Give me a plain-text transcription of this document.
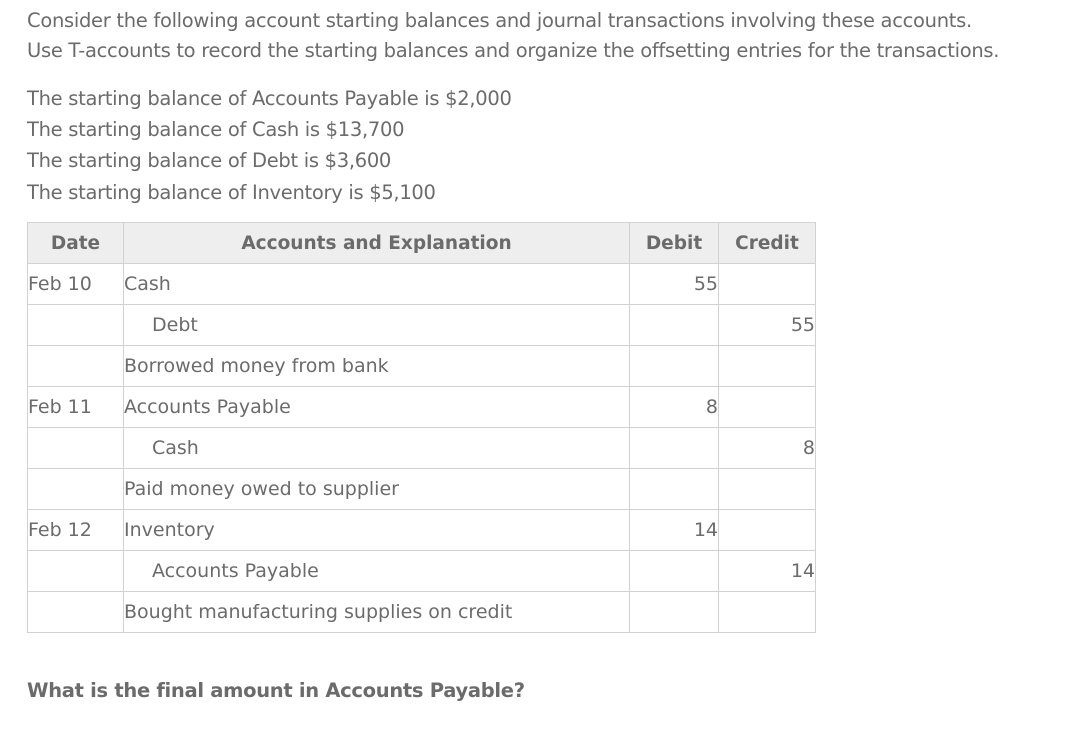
Consider the following account starting balances and journal transactions involving these accounts.
Use T-accounts to record the starting balances and organize the offsetting entries for the transactions.
The starting balance of Accounts Payable is $2,000
The starting balance of Cash is $13,700
The starting balance of Debt is $3,600
The starting balance of Inventory is $5,100
Date	Accounts and Explanation	Debit	Credit
Feb 10	Cash	55	
	Debt		55
	Borrowed money from bank		
Feb 11	Accounts Payable	8	
	Cash		8
	Paid money owed to supplier		
Feb 12	Inventory	14	
	Accounts Payable		14
	Bought manufacturing supplies on credit		
What is the final amount in Accounts Payable?
